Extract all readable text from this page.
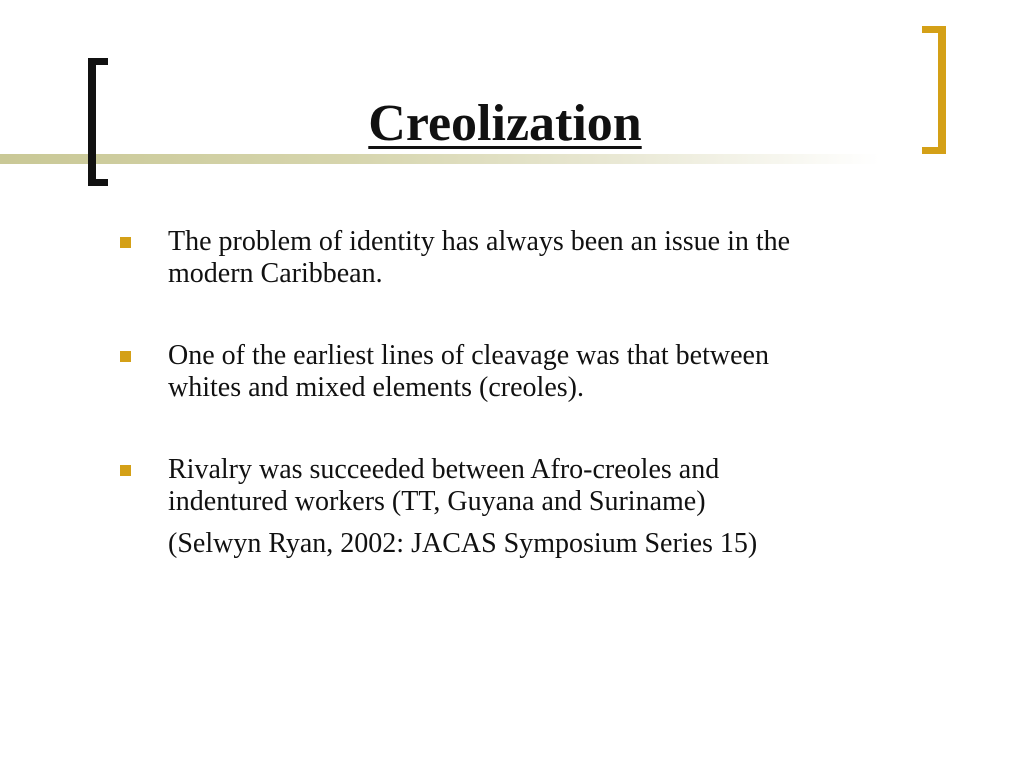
Creolization
The problem of identity has always been an issue in the
modern Caribbean.
One of the earliest lines of cleavage was that between
whites and mixed elements (creoles).
Rivalry was succeeded between Afro-creoles and
indentured workers (TT, Guyana and Suriname)
(Selwyn Ryan, 2002: JACAS Symposium Series 15)
